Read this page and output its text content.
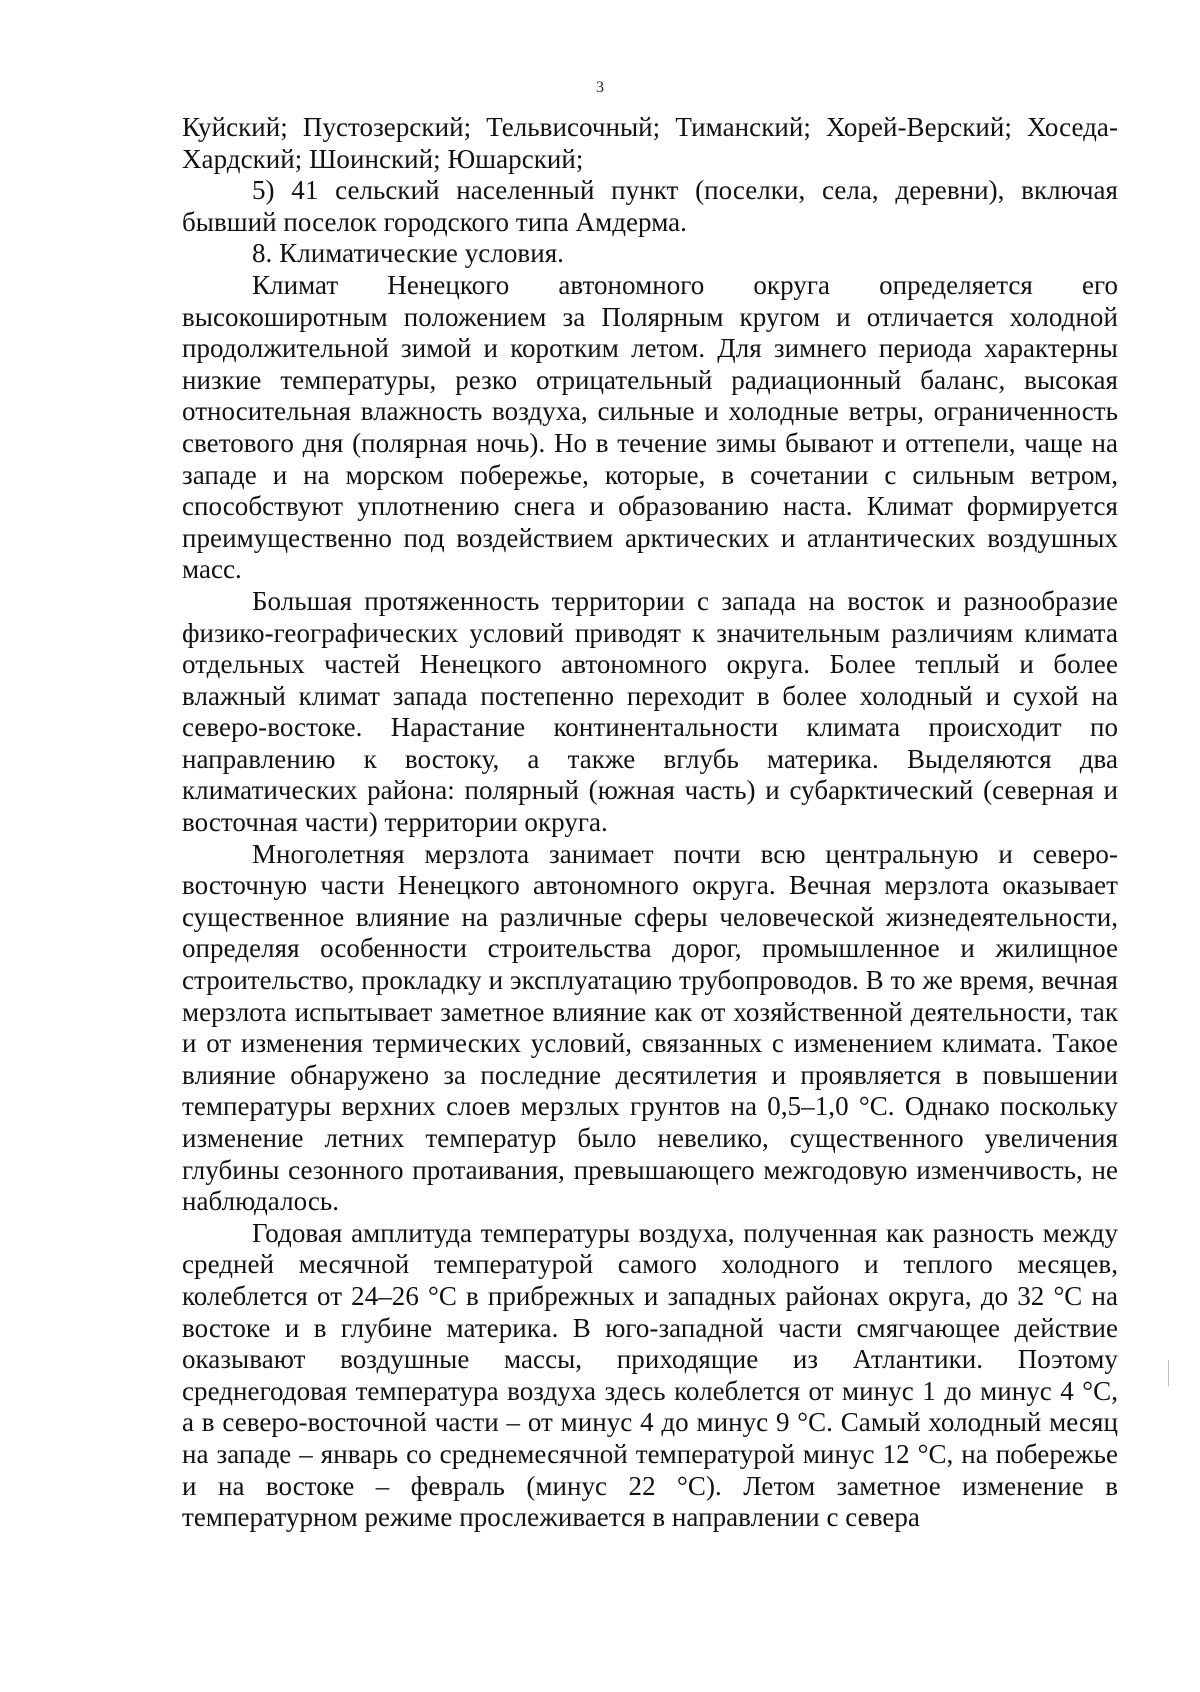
3

Куйский; Пустозерский; Тельвисочный; Тиманский; Хорей-Верский; Хоседа-Хардский; Шоинский; Юшарский;

5) 41 сельский населенный пункт (поселки, села, деревни), включая бывший поселок городского типа Амдерма.

8. Климатические условия.

Климат Ненецкого автономного округа определяется его высокоширотным положением за Полярным кругом и отличается холодной продолжительной зимой и коротким летом. Для зимнего периода характерны низкие температуры, резко отрицательный радиационный баланс, высокая относительная влажность воздуха, сильные и холодные ветры, ограниченность светового дня (полярная ночь). Но в течение зимы бывают и оттепели, чаще на западе и на морском побережье, которые, в сочетании с сильным ветром, способствуют уплотнению снега и образованию наста. Климат формируется преимущественно под воздействием арктических и атлантических воздушных масс.

Большая протяженность территории с запада на восток и разнообразие физико-географических условий приводят к значительным различиям климата отдельных частей Ненецкого автономного округа. Более теплый и более влажный климат запада постепенно переходит в более холодный и сухой на северо-востоке. Нарастание континентальности климата происходит по направлению к востоку, а также вглубь материка. Выделяются два климатических района: полярный (южная часть) и субарктический (северная и восточная части) территории округа.

Многолетняя мерзлота занимает почти всю центральную и северо-восточную части Ненецкого автономного округа. Вечная мерзлота оказывает существенное влияние на различные сферы человеческой жизнедеятельности, определяя особенности строительства дорог, промышленное и жилищное строительство, прокладку и эксплуатацию трубопроводов. В то же время, вечная мерзлота испытывает заметное влияние как от хозяйственной деятельности, так и от изменения термических условий, связанных с изменением климата. Такое влияние обнаружено за последние десятилетия и проявляется в повышении температуры верхних слоев мерзлых грунтов на 0,5–1,0 °С. Однако поскольку изменение летних температур было невелико, существенного увеличения глубины сезонного протаивания, превышающего межгодовую изменчивость, не наблюдалось.

Годовая амплитуда температуры воздуха, полученная как разность между средней месячной температурой самого холодного и теплого месяцев, колеблется от 24–26 °С в прибрежных и западных районах округа, до 32 °С на востоке и в глубине материка. В юго-западной части смягчающее действие оказывают воздушные массы, приходящие из Атлантики. Поэтому среднегодовая температура воздуха здесь колеблется от минус 1 до минус 4 °С, а в северо-восточной части – от минус 4 до минус 9 °С. Самый холодный месяц на западе – январь со среднемесячной температурой минус 12 °С, на побережье и на востоке – февраль (минус 22 °С). Летом заметное изменение в температурном режиме прослеживается в направлении с севера
